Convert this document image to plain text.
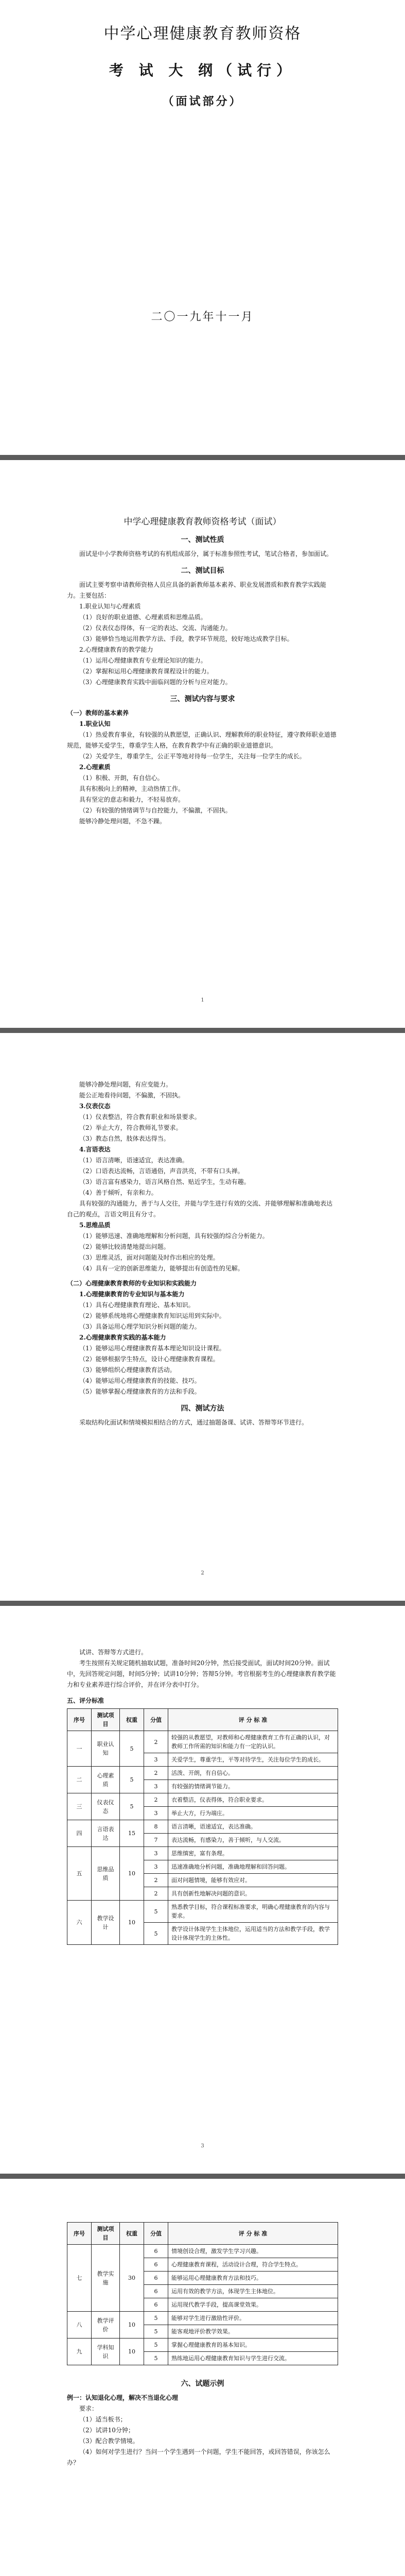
中学心理健康教育教师资格
考 试 大 纲（试行）
（面试部分）
二〇一九年十一月
中学心理健康教育教师资格考试（面试）
一、测试性质

面试是中小学教师资格考试的有机组成部分，属于标准参照性考试，笔试合格者，参加面试。

二、测试目标

面试主要考察申请教师资格人员应具备的新教师基本素养、职业发展潜质和教育教学实践能力。主要包括：

1.职业认知与心理素质

（1）良好的职业道德、心理素质和思维品质。

（2）仪表仪态得体，有一定的表达、交流、沟通能力。

（3）能够恰当地运用教学方法、手段，教学环节规范，较好地达成教学目标。

2.心理健康教育的教学能力

（1）运用心理健康教育专业理论知识的能力。

（2）掌握和运用心理健康教育课程设计的能力。

（3）心理健康教育实践中面临问题的分析与应对能力。

三、测试内容与要求

（一）教师的基本素养

1.职业认知

（1）热爱教育事业，有较强的从教愿望，正确认识、理解教师的职业特征，遵守教师职业道德规范，能够关爱学生，尊重学生人格，在教育教学中有正确的职业道德意识。

（2）关爱学生，尊重学生，公正平等地对待每一位学生，关注每一位学生的成长。

2.心理素质

（1）积极、开朗，有自信心。

具有积极向上的精神，主动热情工作。

具有坚定的意志和毅力，不轻易放弃。

（2）有较强的情绪调节与自控能力，不偏激，不固执。

能够冷静处理问题，不急不躁。

1

能够冷静处理问题，有应变能力。

能公正地看待问题，不偏激，不固执。

3.仪表仪态

（1）仪表整洁，符合教育职业和场景要求。

（2）举止大方，符合教师礼节要求。

（3）教态自然，肢体表达得当。

4.言语表达

（1）语言清晰，语速适宜，表达准确。

（2）口语表达流畅，言语通俗，声音洪亮，不带有口头禅。

（3）语言富有感染力，语言风格自然、贴近学生，生动有趣。

（4）善于倾听，有亲和力。

具有较强的沟通能力，善于与人交往，并能与学生进行有效的交流、并能够理解和准确地表达自己的观点，言语文明且有分寸。

5.思维品质

（1）能够迅速、准确地理解和分析问题，具有较强的综合分析能力。

（2）能够比较清楚地提出问题。

（3）思维灵活，面对问题能及时作出相应的处理。

（4）具有一定的创新思维能力，能够提出有创造性的见解。

（二）心理健康教育教师的专业知识和实践能力

1.心理健康教育的专业知识与基本能力

（1）具有心理健康教育理论、基本知识。

（2）能够系统地将心理健康教育知识运用到实际中。

（3）具备运用心理学知识分析问题的能力。

2.心理健康教育实践的基本能力

（1）能够运用心理健康教育基本理论知识设计课程。

（2）能够根据学生特点，设计心理健康教育课程。

（3）能够组织心理健康教育活动。

（4）能够运用心理健康教育的技能、技巧。

（5）能够掌握心理健康教育的方法和手段。

四、测试方法

采取结构化面试和情境模拟相结合的方式，通过抽题备课、试讲、答辩等环节进行。

2

试讲、答辩等方式进行。

考生按照有关规定随机抽取试题，准备时间20分钟，然后接受面试，面试时间20分钟。面试中，先回答规定问题，时间5分钟；试讲10分钟；答辩5分钟。考官根据考生的心理健康教育教学能力和专业素养进行综合评价，并在评分表中打分。

五、评分标准

序号	测试项目	权重	分值	评 分 标 准
一	职业认知	5	2	较强的从教愿望，对教师和心理健康教育工作有正确的认识，对教师工作所需的知识和能力有一定的认识。
			3	关爱学生，尊重学生，平等对待学生，关注每位学生的成长。
二	心理素质	5	2	活泼、开朗，有自信心。
			3	有较强的情绪调节能力。
三	仪表仪态	5	2	衣着整洁，仪表得体，符合职业要求。
			3	举止大方，行为端庄。
四	言语表达	15	8	语言清晰，语速适宜，表达准确。
			7	表达流畅，有感染力，善于倾听，与人交流。
五	思维品质	10	3	思维缜密，富有条理。
			3	迅速准确地分析问题，准确地理解和回答问题。
			2	面对问题情境，能够有效应对。
			2	具有创新性地解决问题的意识。
六	教学设计	10	5	熟悉教学目标，符合课程标准要求，明确心理健康教育的内容与要求。
			5	教学设计体现学生主体地位，运用适当的方法和教学手段，教学设计体现学生的主体性。
3
序号	测试项目	权重	分值	评 分 标 准
七	教学实施	30	6	情境创设合理，激发学生学习兴趣。
			6	心理健康教育课程，活动设计合理，符合学生特点。
			6	能够运用心理健康教育方法和技巧。
			6	运用有效的教学方法，体现学生主体地位。
			6	运用现代教学手段，提高课堂效果。
八	教学评价	10	5	能够对学生进行激励性评价。
			5	能客观地评价教学效果。
九	学科知识	10	5	掌握心理健康教育的基本知识。
			5	熟练地运用心理健康教育知识与学生进行交流。
六、试题示例

例一：认知退化心理，解决不当退化心理

要求：

（1）适当板书；

（2）试讲10分钟；

（3）配合教学情境。

（4）如何对学生进行？当问一个学生遇到一个问题，学生不能回答，或回答错误，你该怎么办？
